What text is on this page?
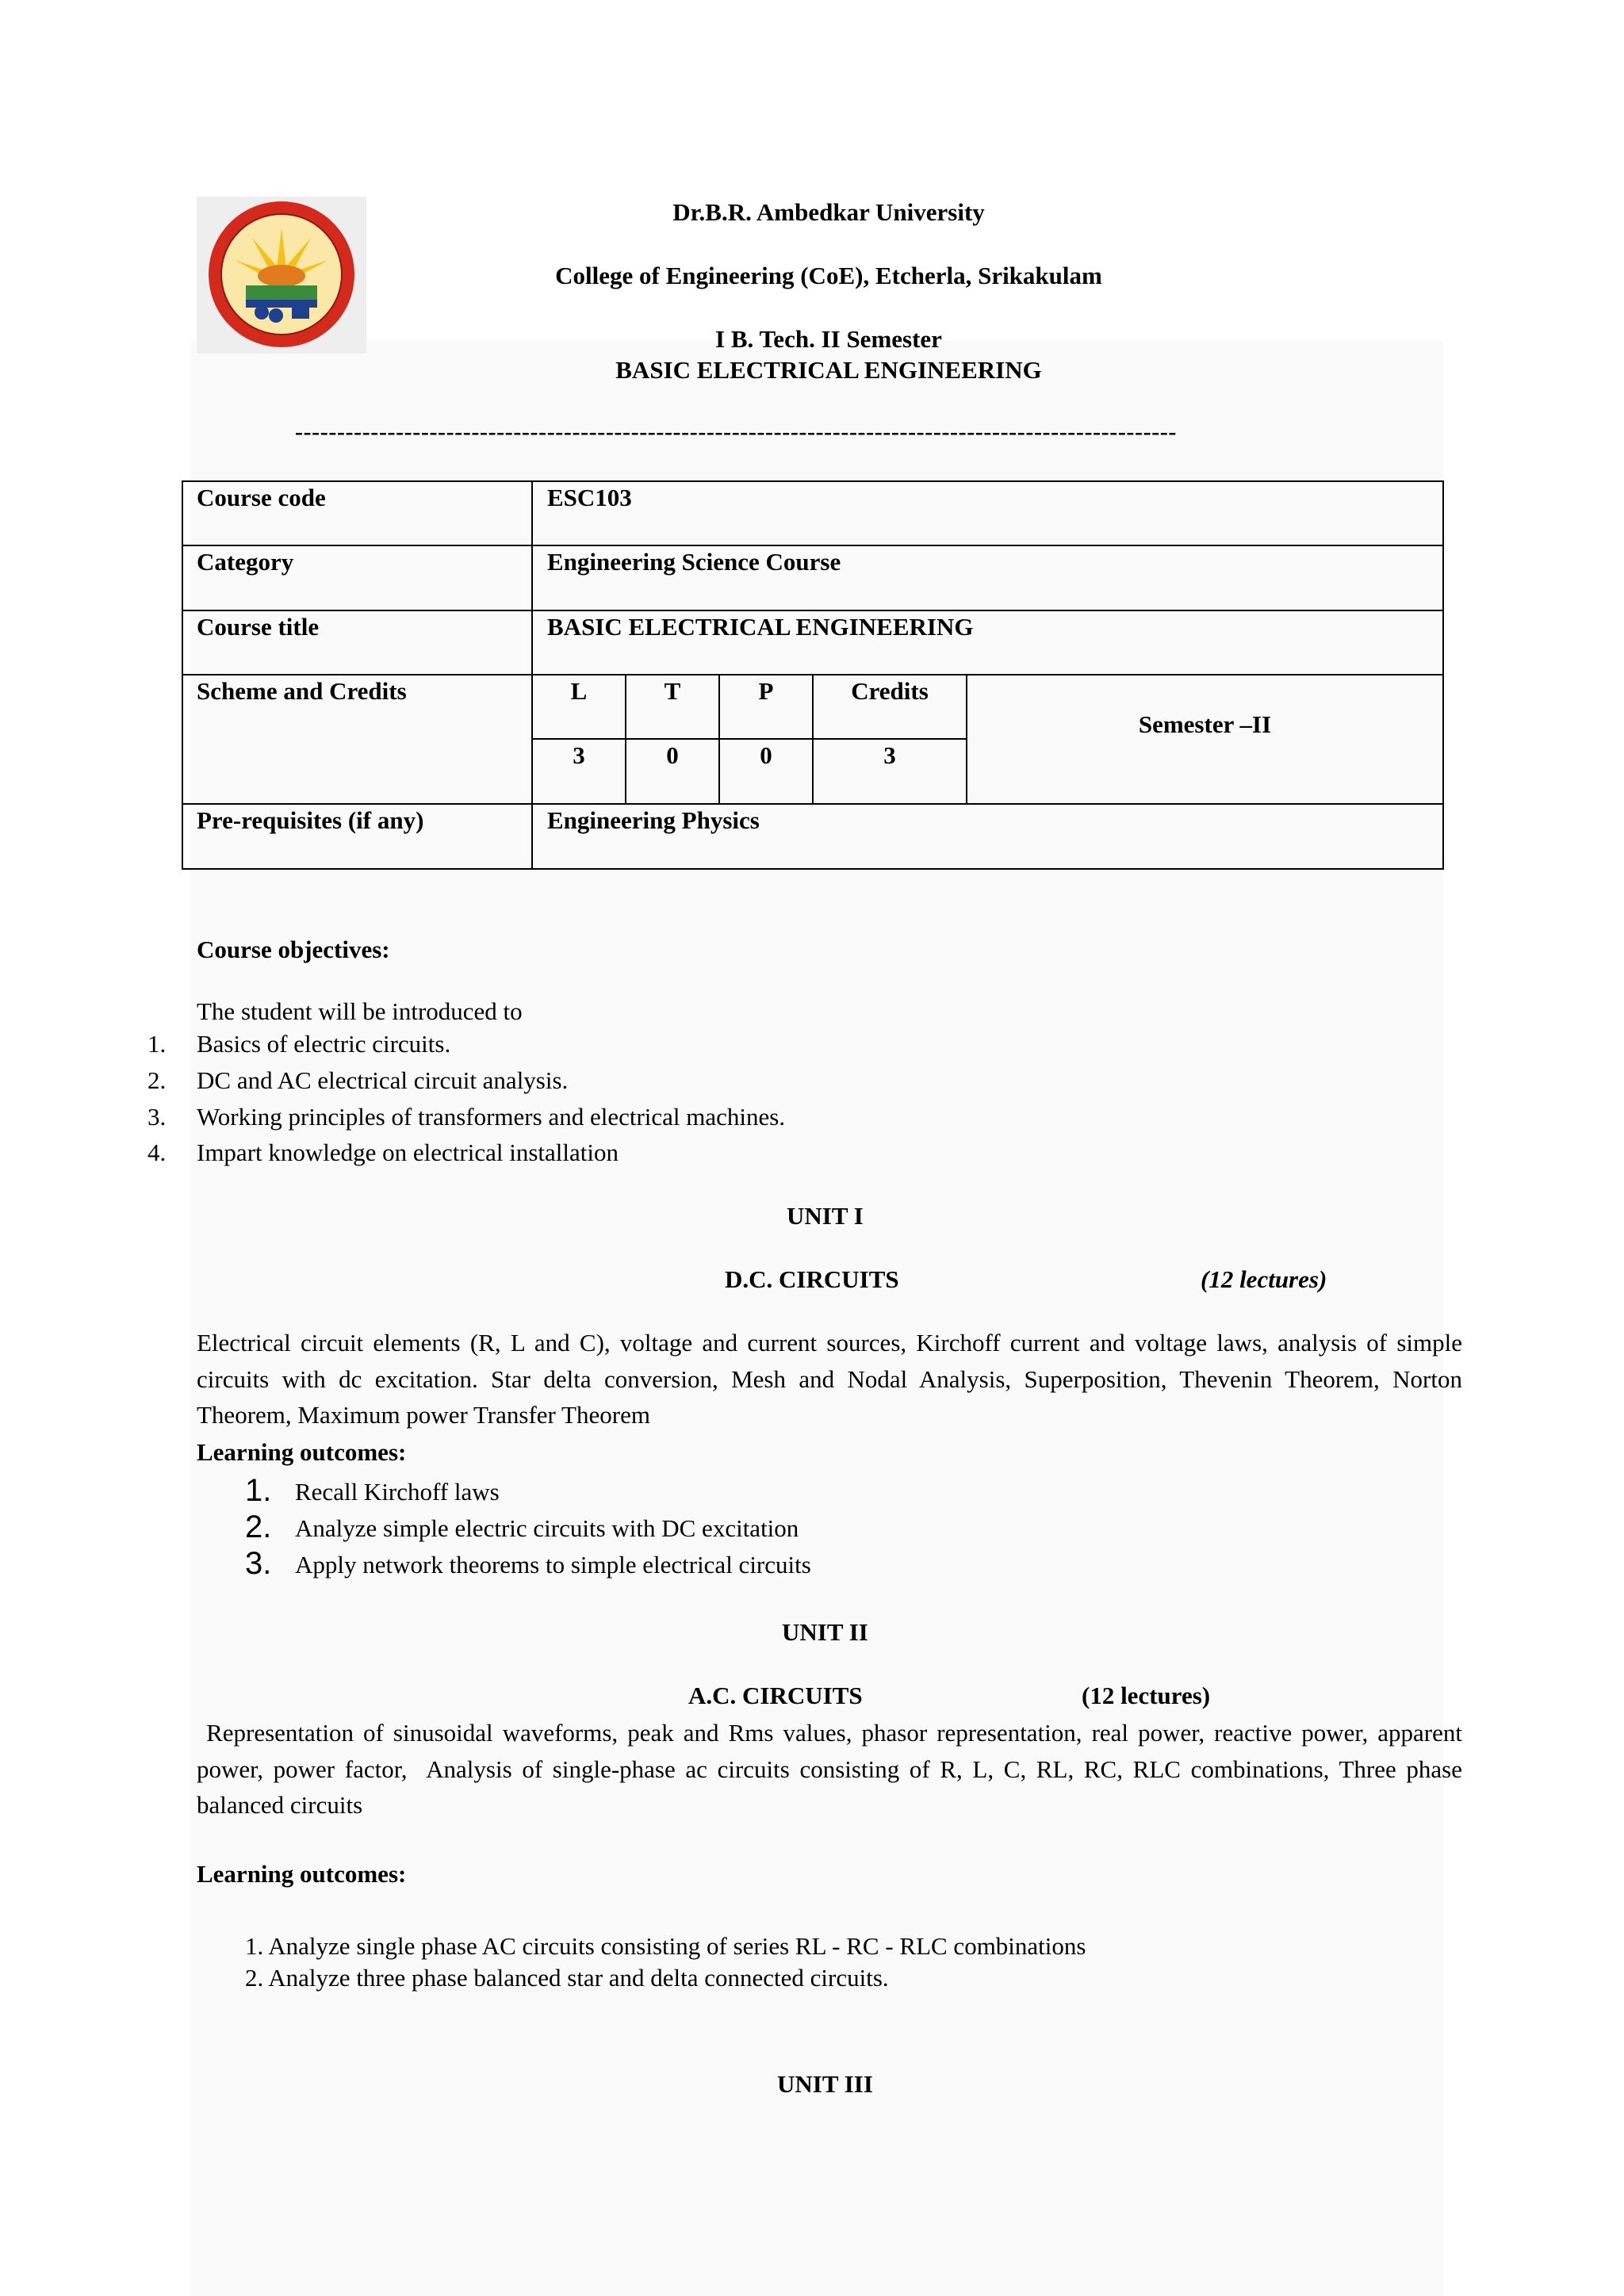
Dr.B.R. Ambedkar University
College of Engineering (CoE), Etcherla, Srikakulam
I B. Tech. II Semester
BASIC ELECTRICAL ENGINEERING
---------------------------------------------------------------------------------------------------------
Course code	ESC103
Category	Engineering Science Course
Course title	BASIC ELECTRICAL ENGINEERING
Scheme and Credits	L	T	P	Credits
3	0	0	3
Semester –II
Pre-requisites (if any)	Engineering Physics
Course objectives:
The student will be introduced to
1. Basics of electric circuits.
2. DC and AC electrical circuit analysis.
3. Working principles of transformers and electrical machines.
4. Impart knowledge on electrical installation
UNIT I
D.C. CIRCUITS	(12 lectures)
Electrical circuit elements (R, L and C), voltage and current sources, Kirchoff current and voltage laws, analysis of simple circuits with dc excitation. Star delta conversion, Mesh and Nodal Analysis, Superposition, Thevenin Theorem, Norton Theorem, Maximum power Transfer Theorem
Learning outcomes:
1. Recall Kirchoff laws
2. Analyze simple electric circuits with DC excitation
3. Apply network theorems to simple electrical circuits
UNIT II
A.C. CIRCUITS	(12 lectures)
Representation of sinusoidal waveforms, peak and Rms values, phasor representation, real power, reactive power, apparent power, power factor,  Analysis of single-phase ac circuits consisting of R, L, C, RL, RC, RLC combinations, Three phase balanced circuits
Learning outcomes:
1. Analyze single phase AC circuits consisting of series RL - RC - RLC combinations
2. Analyze three phase balanced star and delta connected circuits.
UNIT III
